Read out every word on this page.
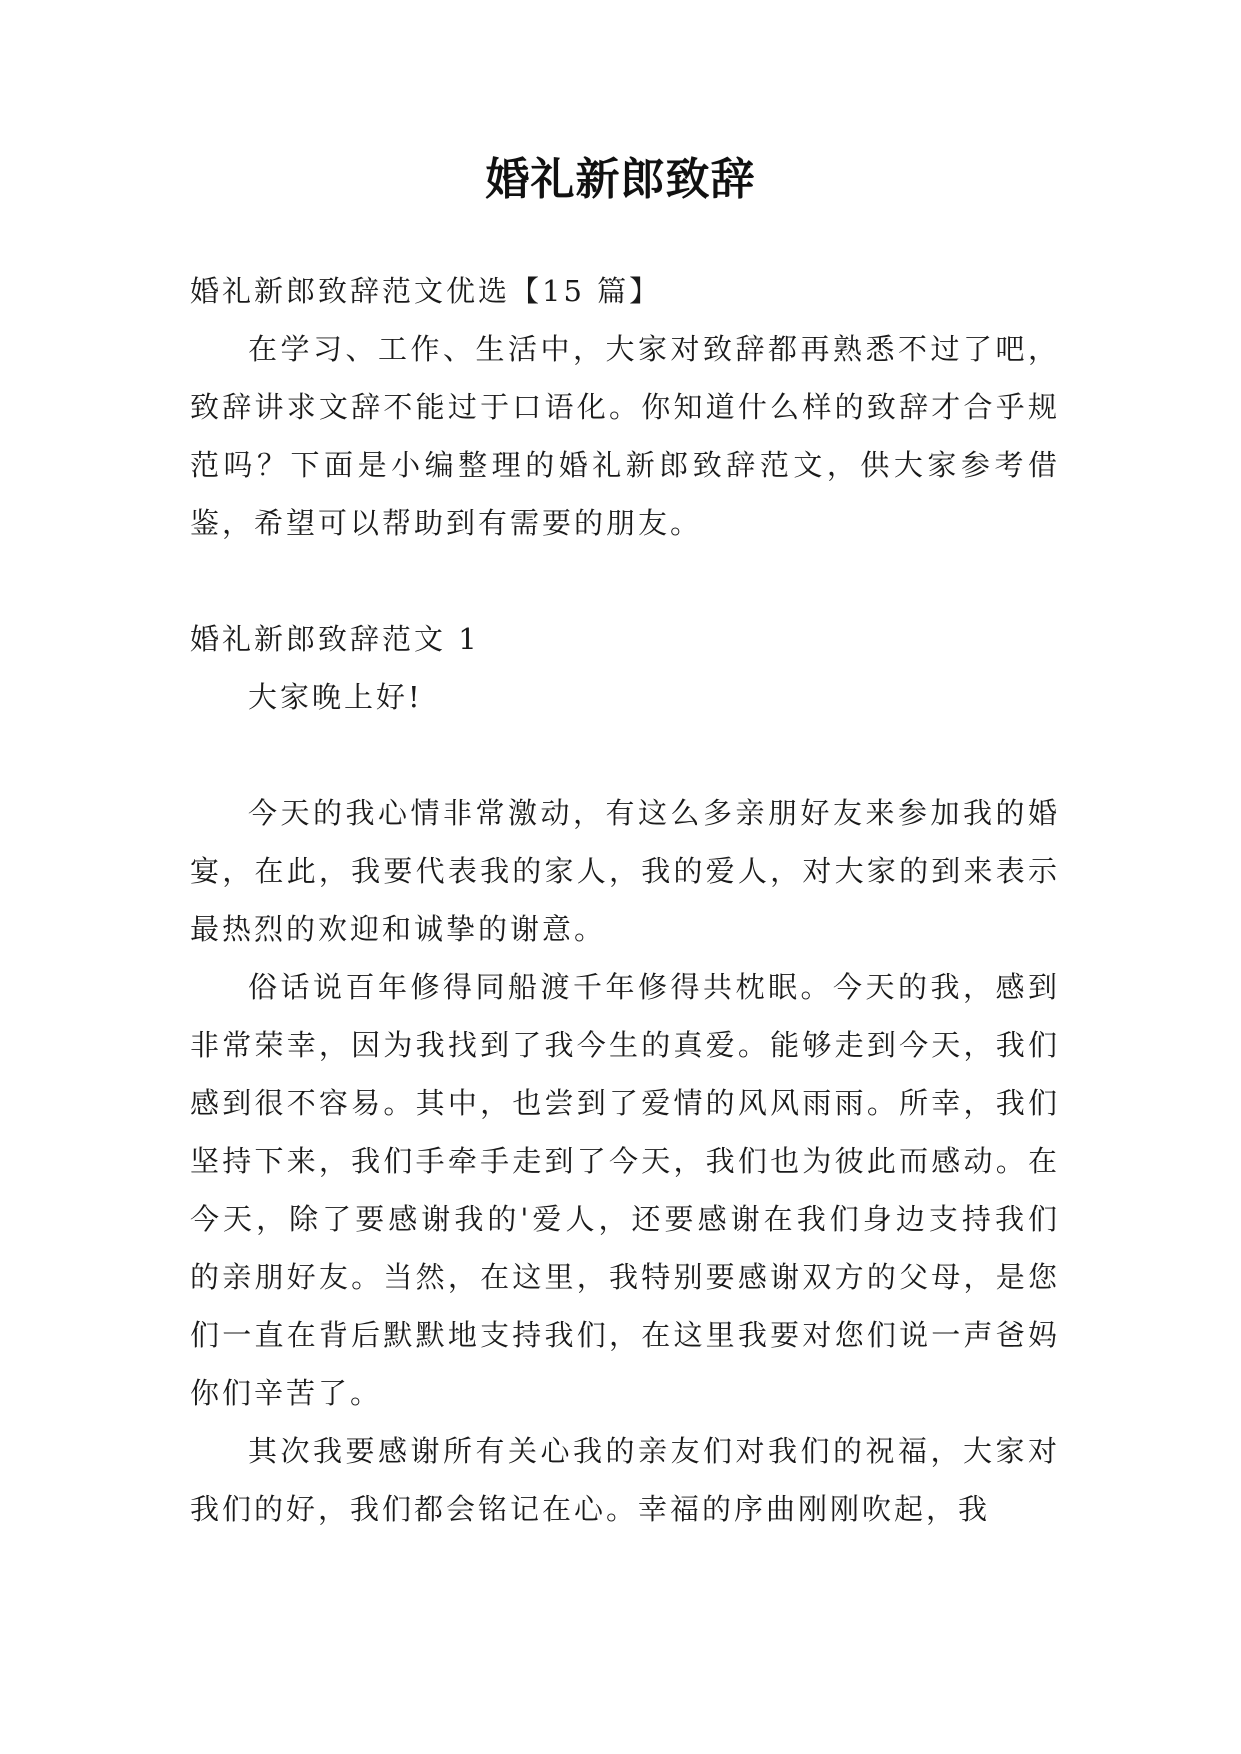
婚礼新郎致辞

婚礼新郎致辞范文优选【15 篇】

在学习、工作、生活中，大家对致辞都再熟悉不过了吧，致辞讲求文辞不能过于口语化。你知道什么样的致辞才合乎规范吗？下面是小编整理的婚礼新郎致辞范文，供大家参考借鉴，希望可以帮助到有需要的朋友。

婚礼新郎致辞范文 1

大家晚上好!

今天的我心情非常激动，有这么多亲朋好友来参加我的婚宴，在此，我要代表我的家人，我的爱人，对大家的到来表示最热烈的欢迎和诚挚的谢意。

俗话说百年修得同船渡千年修得共枕眠。今天的我，感到非常荣幸，因为我找到了我今生的真爱。能够走到今天，我们感到很不容易。其中，也尝到了爱情的风风雨雨。所幸，我们坚持下来，我们手牵手走到了今天，我们也为彼此而感动。在今天，除了要感谢我的'爱人，还要感谢在我们身边支持我们的亲朋好友。当然，在这里，我特别要感谢双方的父母，是您们一直在背后默默地支持我们，在这里我要对您们说一声爸妈你们辛苦了。

其次我要感谢所有关心我的亲友们对我们的祝福，大家对我们的好，我们都会铭记在心。幸福的序曲刚刚吹起，我
